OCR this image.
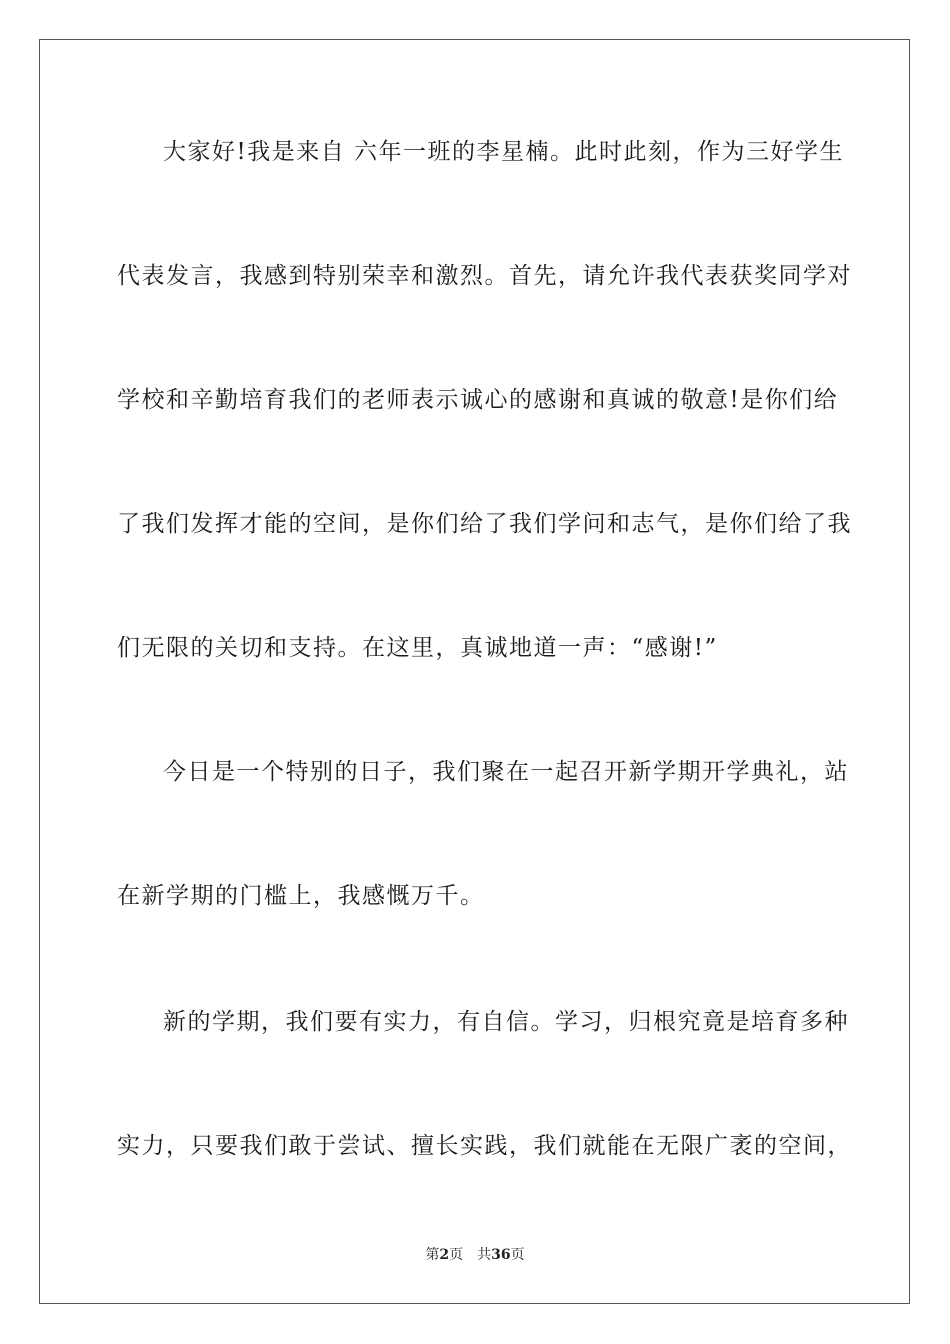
大家好!我是来自 六年一班的李星楠。此时此刻，作为三好学生
代表发言，我感到特别荣幸和激烈。首先，请允许我代表获奖同学对
学校和辛勤培育我们的老师表示诚心的感谢和真诚的敬意!是你们给
了我们发挥才能的空间，是你们给了我们学问和志气，是你们给了我
们无限的关切和支持。在这里，真诚地道一声：“感谢!”
今日是一个特别的日子，我们聚在一起召开新学期开学典礼，站
在新学期的门槛上，我感慨万千。
新的学期，我们要有实力，有自信。学习，归根究竟是培育多种
实力，只要我们敢于尝试、擅长实践，我们就能在无限广袤的空间，
第2页 共36页
